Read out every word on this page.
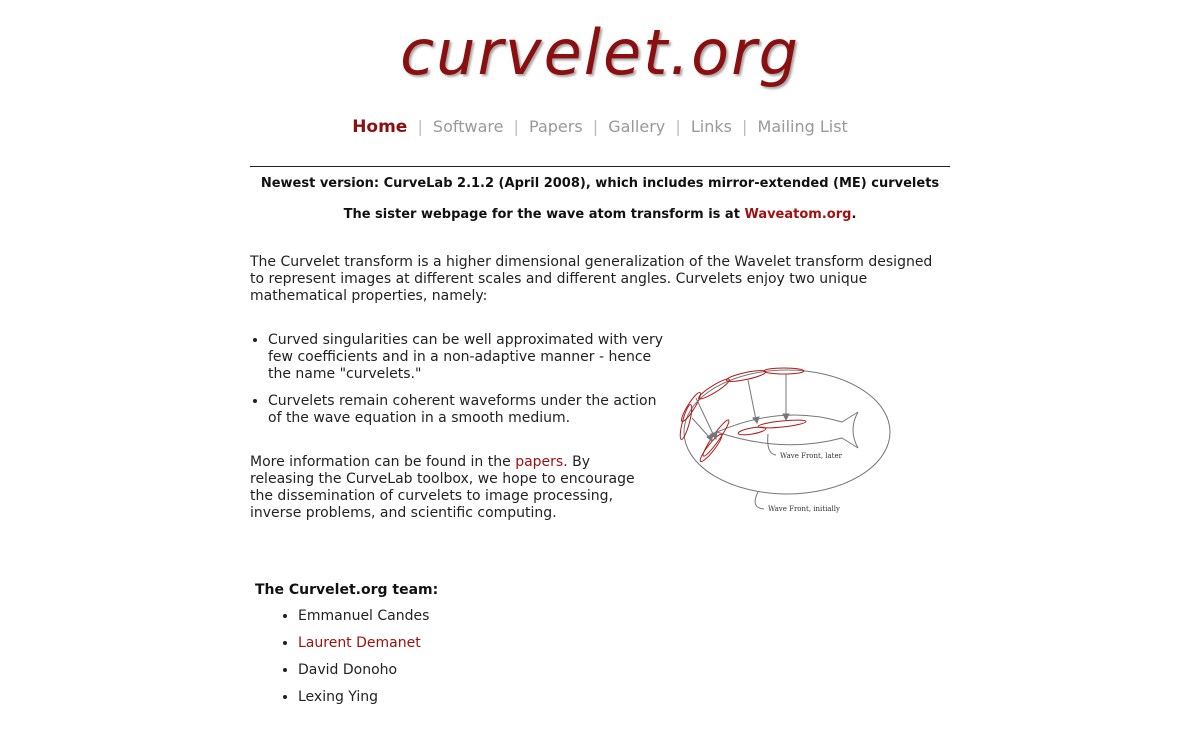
curvelet.org
Home | Software | Papers | Gallery | Links | Mailing List
Newest version: CurveLab 2.1.2 (April 2008), which includes mirror-extended (ME) curvelets
The sister webpage for the wave atom transform is at Waveatom.org.
The Curvelet transform is a higher dimensional generalization of the Wavelet transform designed to represent images at different scales and different angles. Curvelets enjoy two unique mathematical properties, namely:
• Curved singularities can be well approximated with very few coefficients and in a non-adaptive manner - hence the name "curvelets."
• Curvelets remain coherent waveforms under the action of the wave equation in a smooth medium.
More information can be found in the papers. By releasing the CurveLab toolbox, we hope to encourage the dissemination of curvelets to image processing, inverse problems, and scientific computing.
Wave Front, later
Wave Front, initially
The Curvelet.org team:
• Emmanuel Candes
• Laurent Demanet
• David Donoho
• Lexing Ying
